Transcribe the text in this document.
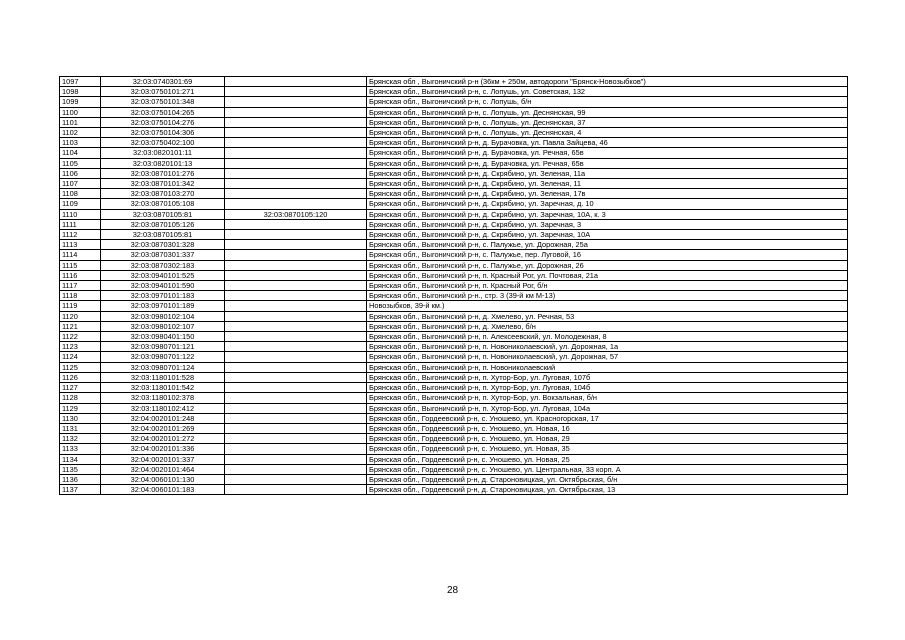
1097	32:03:0740301:69		Брянская обл , Выгоничский р-н (36км + 250м, автодороги "Брянск-Новозыбков")
1098	32:03:0750101:271		Брянская обл., Выгоничский р-н, с. Лопушь, ул. Советская, 132
1099	32:03:0750101:348		Брянская обл., Выгоничский р-н, с. Лопушь, б/н
1100	32:03:0750104:265		Брянская обл., Выгоничский р-н, с. Лопушь, ул. Деснянская, 99
1101	32:03:0750104:276		Брянская обл., Выгоничский р-н, с. Лопушь, ул. Деснянская, 37
1102	32:03:0750104:306		Брянская обл., Выгоничский р-н, с. Лопушь, ул. Деснянская, 4
1103	32:03:0750402:100		Брянская обл., Выгоничский р-н, д. Бурачовка, ул. Павла Зайцева, 46
1104	32:03:0820101:11		Брянская обл., Выгоничский р-н, д. Бурачовка, ул. Речная, 65в
1105	32:03:0820101:13		Брянская обл., Выгоничский р-н, д. Бурачовка, ул. Речная, 65в
1106	32:03:0870101:276		Брянская обл., Выгоничский р-н, д. Скрябино, ул. Зеленая, 11а
1107	32:03:0870101:342		Брянская обл., Выгоничский р-н, д. Скрябино, ул. Зеленая, 11
1108	32:03:0870103:270		Брянская обл., Выгоничский р-н, д. Скрябино, ул. Зеленая, 17в
1109	32:03:0870105:108		Брянская обл., Выгоничский р-н, д. Скрябино, ул. Заречная, д. 10
1110	32:03:0870105:81	32:03:0870105:120	Брянская обл., Выгоничский р-н, д. Скрябино, ул. Заречная, 10А, к. 3
1111	32:03:0870105:126		Брянская обл., Выгоничский р-н, д. Скрябино, ул. Заречная, 3
1112	32:03:0870105:81		Брянская обл., Выгоничский р-н, д. Скрябино, ул. Заречная, 10А
1113	32:03:0870301:328		Брянская обл., Выгоничский р-н, с. Палужье, ул. Дорожная, 25а
1114	32:03:0870301:337		Брянская обл., Выгоничский р-н, с. Палужье, пер. Луговой, 16
1115	32:03:0870302:183		Брянская обл., Выгоничский р-н, с. Палужье, ул. Дорожная, 26
1116	32:03:0940101:525		Брянская обл., Выгоничский р-н, п. Красный Рог, ул. Почтовая, 21а
1117	32:03:0940101:590		Брянская обл., Выгоничский р-н, п. Красный Рог, б/н
1118	32:03:0970101:183		Брянская обл., Выгоничский р-н., стр. 3 (39-й км М-13)
1119	32:03:0970101:189		Новозыбков, 39-й км.)
1120	32:03:0980102:104		Брянская обл., Выгоничский р-н, д. Хмелево, ул. Речная, 53
1121	32:03:0980102:107		Брянская обл., Выгоничский р-н, д. Хмелево, б/н
1122	32:03:0980401:150		Брянская обл., Выгоничский р-н, п. Алексеевский, ул. Молодежная, 8
1123	32:03:0980701:121		Брянская обл., Выгоничский р-н, п. Новониколаевский, ул. Дорожная, 1а
1124	32:03:0980701:122		Брянская обл., Выгоничский р-н, п. Новониколаевский, ул. Дорожная, 57
1125	32:03:0980701:124		Брянская обл., Выгоничский р-н, п. Новониколаевский
1126	32:03:1180101:528		Брянская обл., Выгоничский р-н, п. Хутор-Бор, ул. Луговая, 107б
1127	32:03:1180101:542		Брянская обл., Выгоничский р-н, п. Хутор-Бор, ул. Луговая, 104б
1128	32:03:1180102:378		Брянская обл., Выгоничский р-н, п. Хутор-Бор, ул. Вокзальная, б/н
1129	32:03:1180102:412		Брянская обл., Выгоничский р-н, п. Хутор-Бор, ул. Луговая, 104а
1130	32:04:0020101:248		Брянская обл., Гордеевский р-н, с. Уношево, ул. Красногорская, 17
1131	32:04:0020101:269		Брянская обл., Гордеевский р-н, с. Уношево, ул. Новая, 16
1132	32:04:0020101:272		Брянская обл., Гордеевский р-н, с. Уношево, ул. Новая, 29
1133	32:04:0020101:336		Брянская обл., Гордеевский р-н, с. Уношево, ул. Новая, 35
1134	32:04:0020101:337		Брянская обл., Гордеевский р-н, с. Уношево, ул. Новая, 25
1135	32:04:0020101:464		Брянская обл., Гордеевский р-н, с. Уношево, ул. Центральная, 33 корп. А
1136	32:04:0060101:130		Брянская обл., Гордеевский р-н, д. Староновицкая, ул. Октябрьская, б/н
1137	32:04:0060101:183		Брянская обл., Гордеевский р-н, д. Староновицкая, ул. Октябрьская, 13
28
